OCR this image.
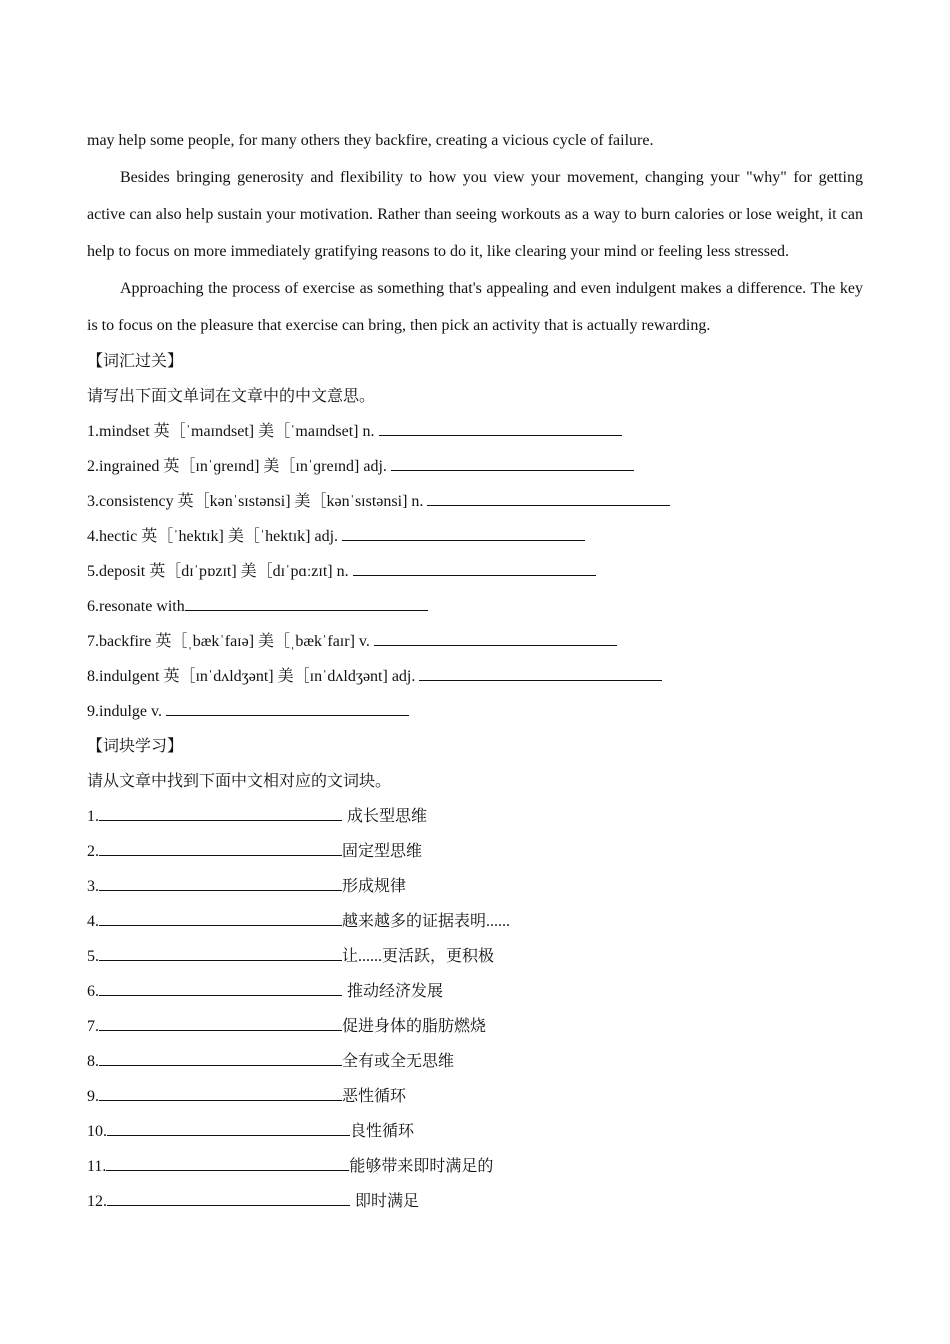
may help some people, for many others they backfire, creating a vicious cycle of failure.

Besides bringing generosity and flexibility to how you view your movement, changing your "why" for getting active can also help sustain your motivation. Rather than seeing workouts as a way to burn calories or lose weight, it can help to focus on more immediately gratifying reasons to do it, like clearing your mind or feeling less stressed.

Approaching the process of exercise as something that's appealing and even indulgent makes a difference. The key is to focus on the pleasure that exercise can bring, then pick an activity that is actually rewarding.

【词汇过关】
请写出下面文单词在文章中的中文意思。
1.mindset 英［ˈmaɪndset] 美［ˈmaɪndset] n.
2.ingrained 英［ɪnˈɡreɪnd] 美［ɪnˈɡreɪnd] adj.
3.consistency 英［kənˈsɪstənsi] 美［kənˈsɪstənsi] n.
4.hectic 英［ˈhektɪk] 美［ˈhektɪk] adj.
5.deposit 英［dɪˈpɒzɪt] 美［dɪˈpɑːzɪt] n.
6.resonate with
7.backfire 英［ˌbækˈfaɪə] 美［ˌbækˈfaɪr] v.
8.indulgent 英［ɪnˈdʌldʒənt] 美［ɪnˈdʌldʒənt] adj.
9.indulge v.
【词块学习】
请从文章中找到下面中文相对应的文词块。
1.	成长型思维
2.	固定型思维
3.	形成规律
4.	越来越多的证据表明......
5.	让......更活跃，更积极
6.	推动经济发展
7.	促进身体的脂肪燃烧
8.	全有或全无思维
9.	恶性循环
10.	良性循环
11.	能够带来即时满足的
12.	即时满足
